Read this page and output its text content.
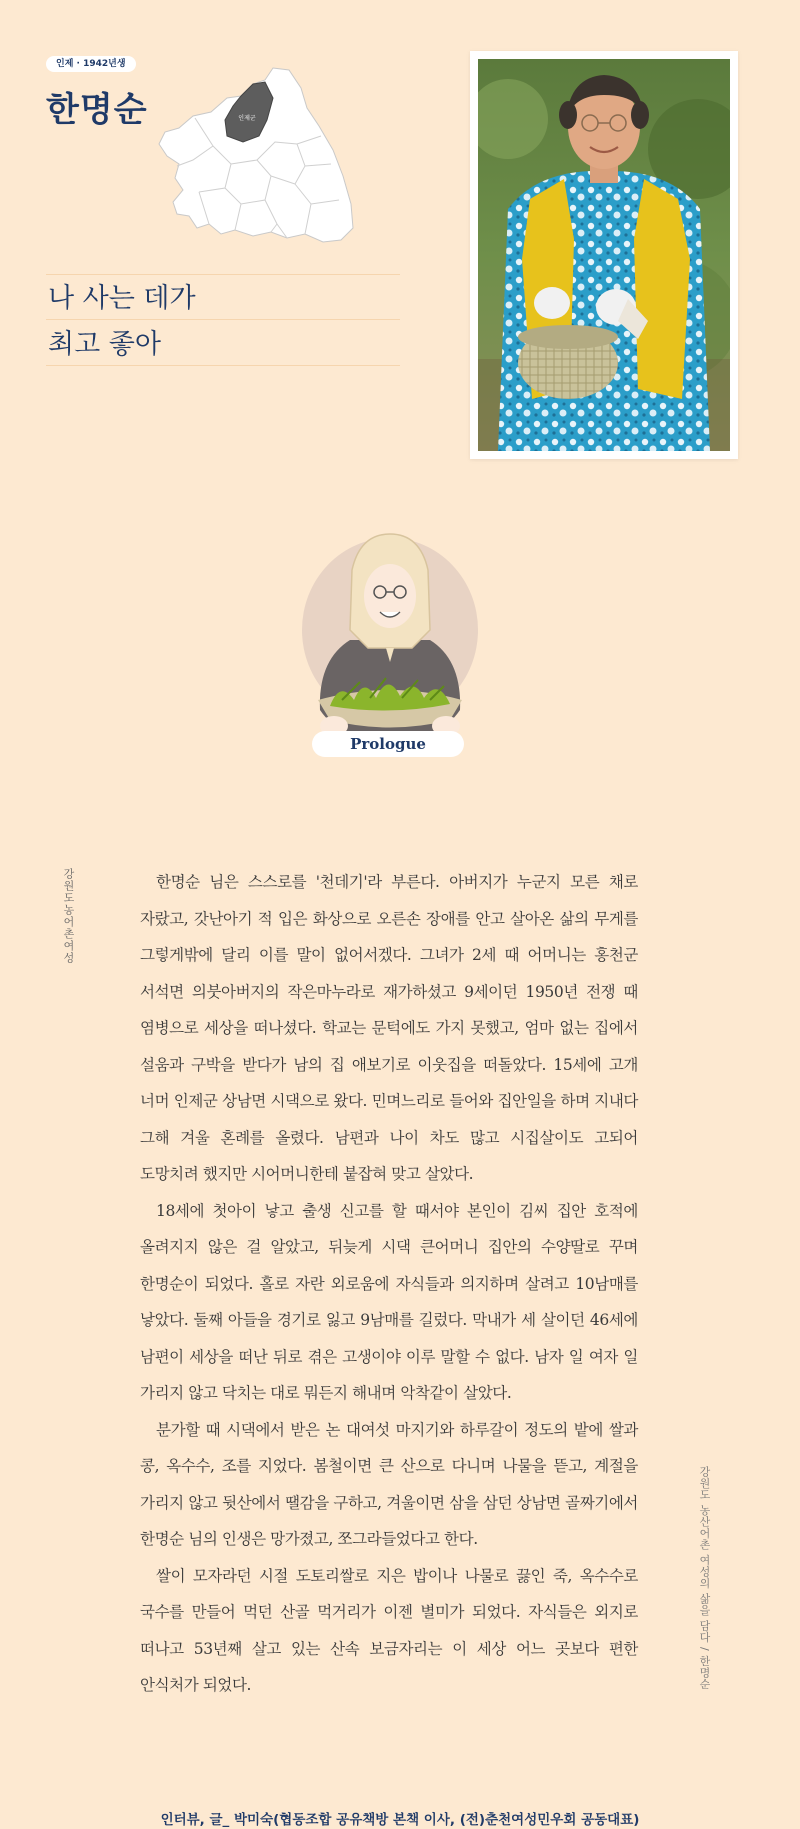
인제 · 1942년생
한명순	인제군
나 사는 데가
최고 좋아
Prologue
강원도농어촌여성
강원도 농산어촌 여성의 삶을 담다 / 한명순

한명순 님은 스스로를 '천데기'라 부른다. 아버지가 누군지 모른 채로 자랐고, 갓난아기 적 입은 화상으로 오른손 장애를 안고 살아온 삶의 무게를 그렇게밖에 달리 이를 말이 없어서겠다. 그녀가 2세 때 어머니는 홍천군 서석면 의붓아버지의 작은마누라로 재가하셨고 9세이던 1950년 전쟁 때 염병으로 세상을 떠나셨다. 학교는 문턱에도 가지 못했고, 엄마 없는 집에서 설움과 구박을 받다가 남의 집 애보기로 이웃집을 떠돌았다. 15세에 고개 너머 인제군 상남면 시댁으로 왔다. 민며느리로 들어와 집안일을 하며 지내다 그해 겨울 혼례를 올렸다. 남편과 나이 차도 많고 시집살이도 고되어 도망치려 했지만 시어머니한테 붙잡혀 맞고 살았다.

18세에 첫아이 낳고 출생 신고를 할 때서야 본인이 김씨 집안 호적에 올려지지 않은 걸 알았고, 뒤늦게 시댁 큰어머니 집안의 수양딸로 꾸며 한명순이 되었다. 홀로 자란 외로움에 자식들과 의지하며 살려고 10남매를 낳았다. 둘째 아들을 경기로 잃고 9남매를 길렀다. 막내가 세 살이던 46세에 남편이 세상을 떠난 뒤로 겪은 고생이야 이루 말할 수 없다. 남자 일 여자 일 가리지 않고 닥치는 대로 뭐든지 해내며 악착같이 살았다.

분가할 때 시댁에서 받은 논 대여섯 마지기와 하루갈이 정도의 밭에 쌀과 콩, 옥수수, 조를 지었다. 봄철이면 큰 산으로 다니며 나물을 뜯고, 계절을 가리지 않고 뒷산에서 땔감을 구하고, 겨울이면 삼을 삼던 상남면 골짜기에서 한명순 님의 인생은 망가졌고, 쪼그라들었다고 한다.

쌀이 모자라던 시절 도토리쌀로 지은 밥이나 나물로 끓인 죽, 옥수수로 국수를 만들어 먹던 산골 먹거리가 이젠 별미가 되었다. 자식들은 외지로 떠나고 53년째 살고 있는 산속 보금자리는 이 세상 어느 곳보다 편한 안식처가 되었다.

인터뷰, 글_ 박미숙(협동조합 공유책방 본책 이사, (전)춘천여성민우회 공동대표)
